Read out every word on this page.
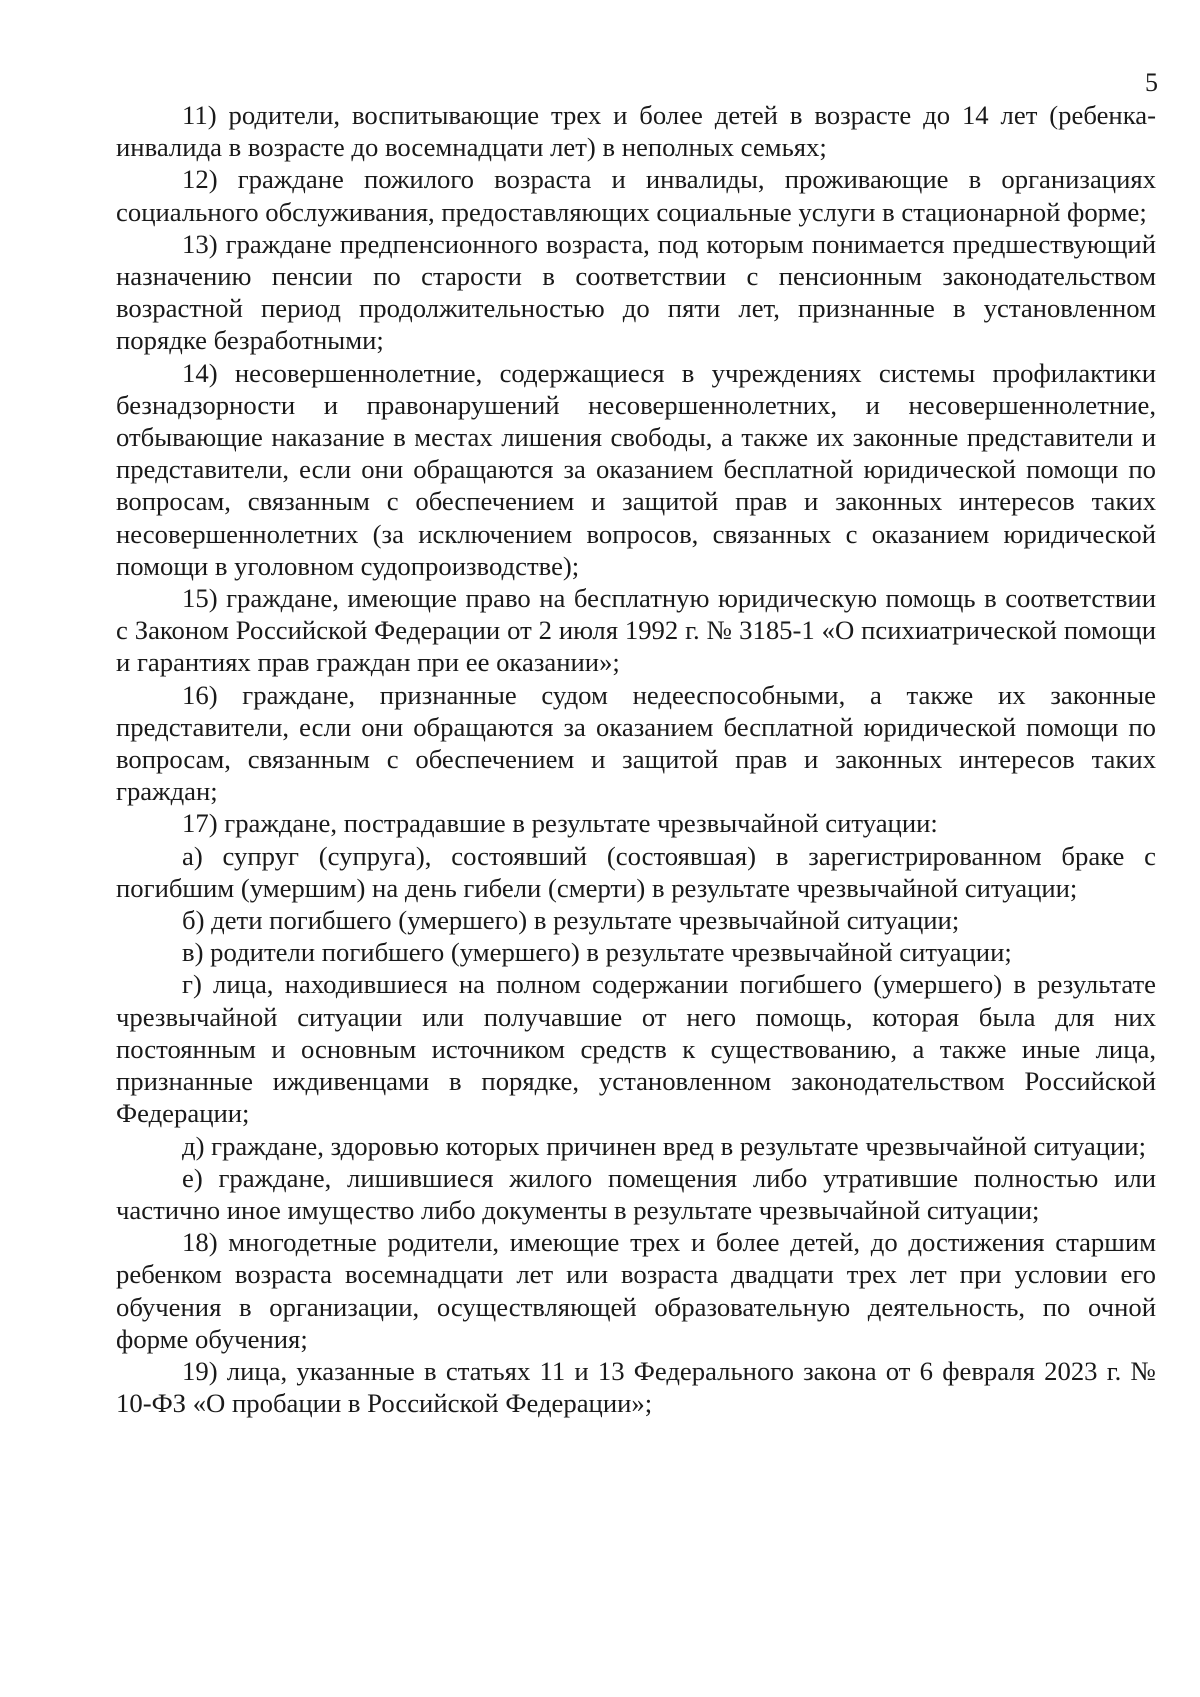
5

11) родители, воспитывающие трех и более детей в возрасте до 14 лет (ребенка-инвалида в возрасте до восемнадцати лет) в неполных семьях;

12) граждане пожилого возраста и инвалиды, проживающие в организациях социального обслуживания, предоставляющих социальные услуги в стационарной форме;

13) граждане предпенсионного возраста, под которым понимается предшествующий назначению пенсии по старости в соответствии с пенсионным законодательством возрастной период продолжительностью до пяти лет, признанные в установленном порядке безработными;

14) несовершеннолетние, содержащиеся в учреждениях системы профилактики безнадзорности и правонарушений несовершеннолетних, и несовершеннолетние, отбывающие наказание в местах лишения свободы, а также их законные представители и представители, если они обращаются за оказанием бесплатной юридической помощи по вопросам, связанным с обеспечением и защитой прав и законных интересов таких несовершеннолетних (за исключением вопросов, связанных с оказанием юридической помощи в уголовном судопроизводстве);

15) граждане, имеющие право на бесплатную юридическую помощь в соответствии с Законом Российской Федерации от 2 июля 1992 г. № 3185-1 «О психиатрической помощи и гарантиях прав граждан при ее оказании»;

16) граждане, признанные судом недееспособными, а также их законные представители, если они обращаются за оказанием бесплатной юридической помощи по вопросам, связанным с обеспечением и защитой прав и законных интересов таких граждан;

17) граждане, пострадавшие в результате чрезвычайной ситуации:

а) супруг (супруга), состоявший (состоявшая) в зарегистрированном браке с погибшим (умершим) на день гибели (смерти) в результате чрезвычайной ситуации;

б) дети погибшего (умершего) в результате чрезвычайной ситуации;

в) родители погибшего (умершего) в результате чрезвычайной ситуации;

г) лица, находившиеся на полном содержании погибшего (умершего) в результате чрезвычайной ситуации или получавшие от него помощь, которая была для них постоянным и основным источником средств к существованию, а также иные лица, признанные иждивенцами в порядке, установленном законодательством Российской Федерации;

д) граждане, здоровью которых причинен вред в результате чрезвычайной ситуации;

е) граждане, лишившиеся жилого помещения либо утратившие полностью или частично иное имущество либо документы в результате чрезвычайной ситуации;

18) многодетные родители, имеющие трех и более детей, до достижения старшим ребенком возраста восемнадцати лет или возраста двадцати трех лет при условии его обучения в организации, осуществляющей образовательную деятельность, по очной форме обучения;

19) лица, указанные в статьях 11 и 13 Федерального закона от 6 февраля 2023 г. № 10-ФЗ «О пробации в Российской Федерации»;
